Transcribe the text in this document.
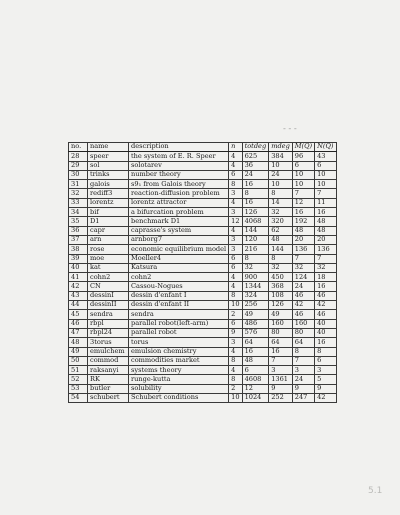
- - -
no.	name	description	n	totdeg	mdeg	M(Q)	N(Q)
28	speer	the system of E. R. Speer	4	625	384	96	43
29	sol	solotarev	4	36	10	6	6
30	trinks	number theory	6	24	24	10	10
31	galois	s9₁ from Galois theory	8	16	10	10	10
32	rediff3	reaction-diffusion problem	3	8	8	7	7
33	lorentz	lorentz attractor	4	16	14	12	11
34	bif	a bifurcation problem	3	126	32	16	16
35	D1	benchmark D1	12	4068	320	192	48
36	capr	caprasse's system	4	144	62	48	48
37	arn	arnborg7	3	120	48	20	20
38	rose	economic equilibrium model	3	216	144	136	136
39	moe	Moeller4	6	8	8	7	7
40	kat	Katsura	6	32	32	32	32
41	cohn2	cohn2	4	900	450	124	18
42	CN	Cassou-Nogues	4	1344	368	24	16
43	dessinI	dessin d'enfant I	8	324	108	46	46
44	dessinII	dessin d'enfant II	10	256	126	42	42
45	sendra	sendra	2	49	49	46	46
46	rbpl	parallel robot(left-arm)	6	486	160	160	40
47	rbpl24	parallel robot	9	576	80	80	40
48	3torus	torus	3	64	64	64	16
49	emulchem	emulsion chemistry	4	16	16	8	8
50	commod	commodities market	8	48	7	7	6
51	raksanyi	systems theory	4	6	3	3	3
52	RK	runge-kutta	8	4608	1361	24	5
53	butler	solubility	2	12	9	9	9
54	schubert	Schubert conditions	10	1024	252	247	42
5.1
